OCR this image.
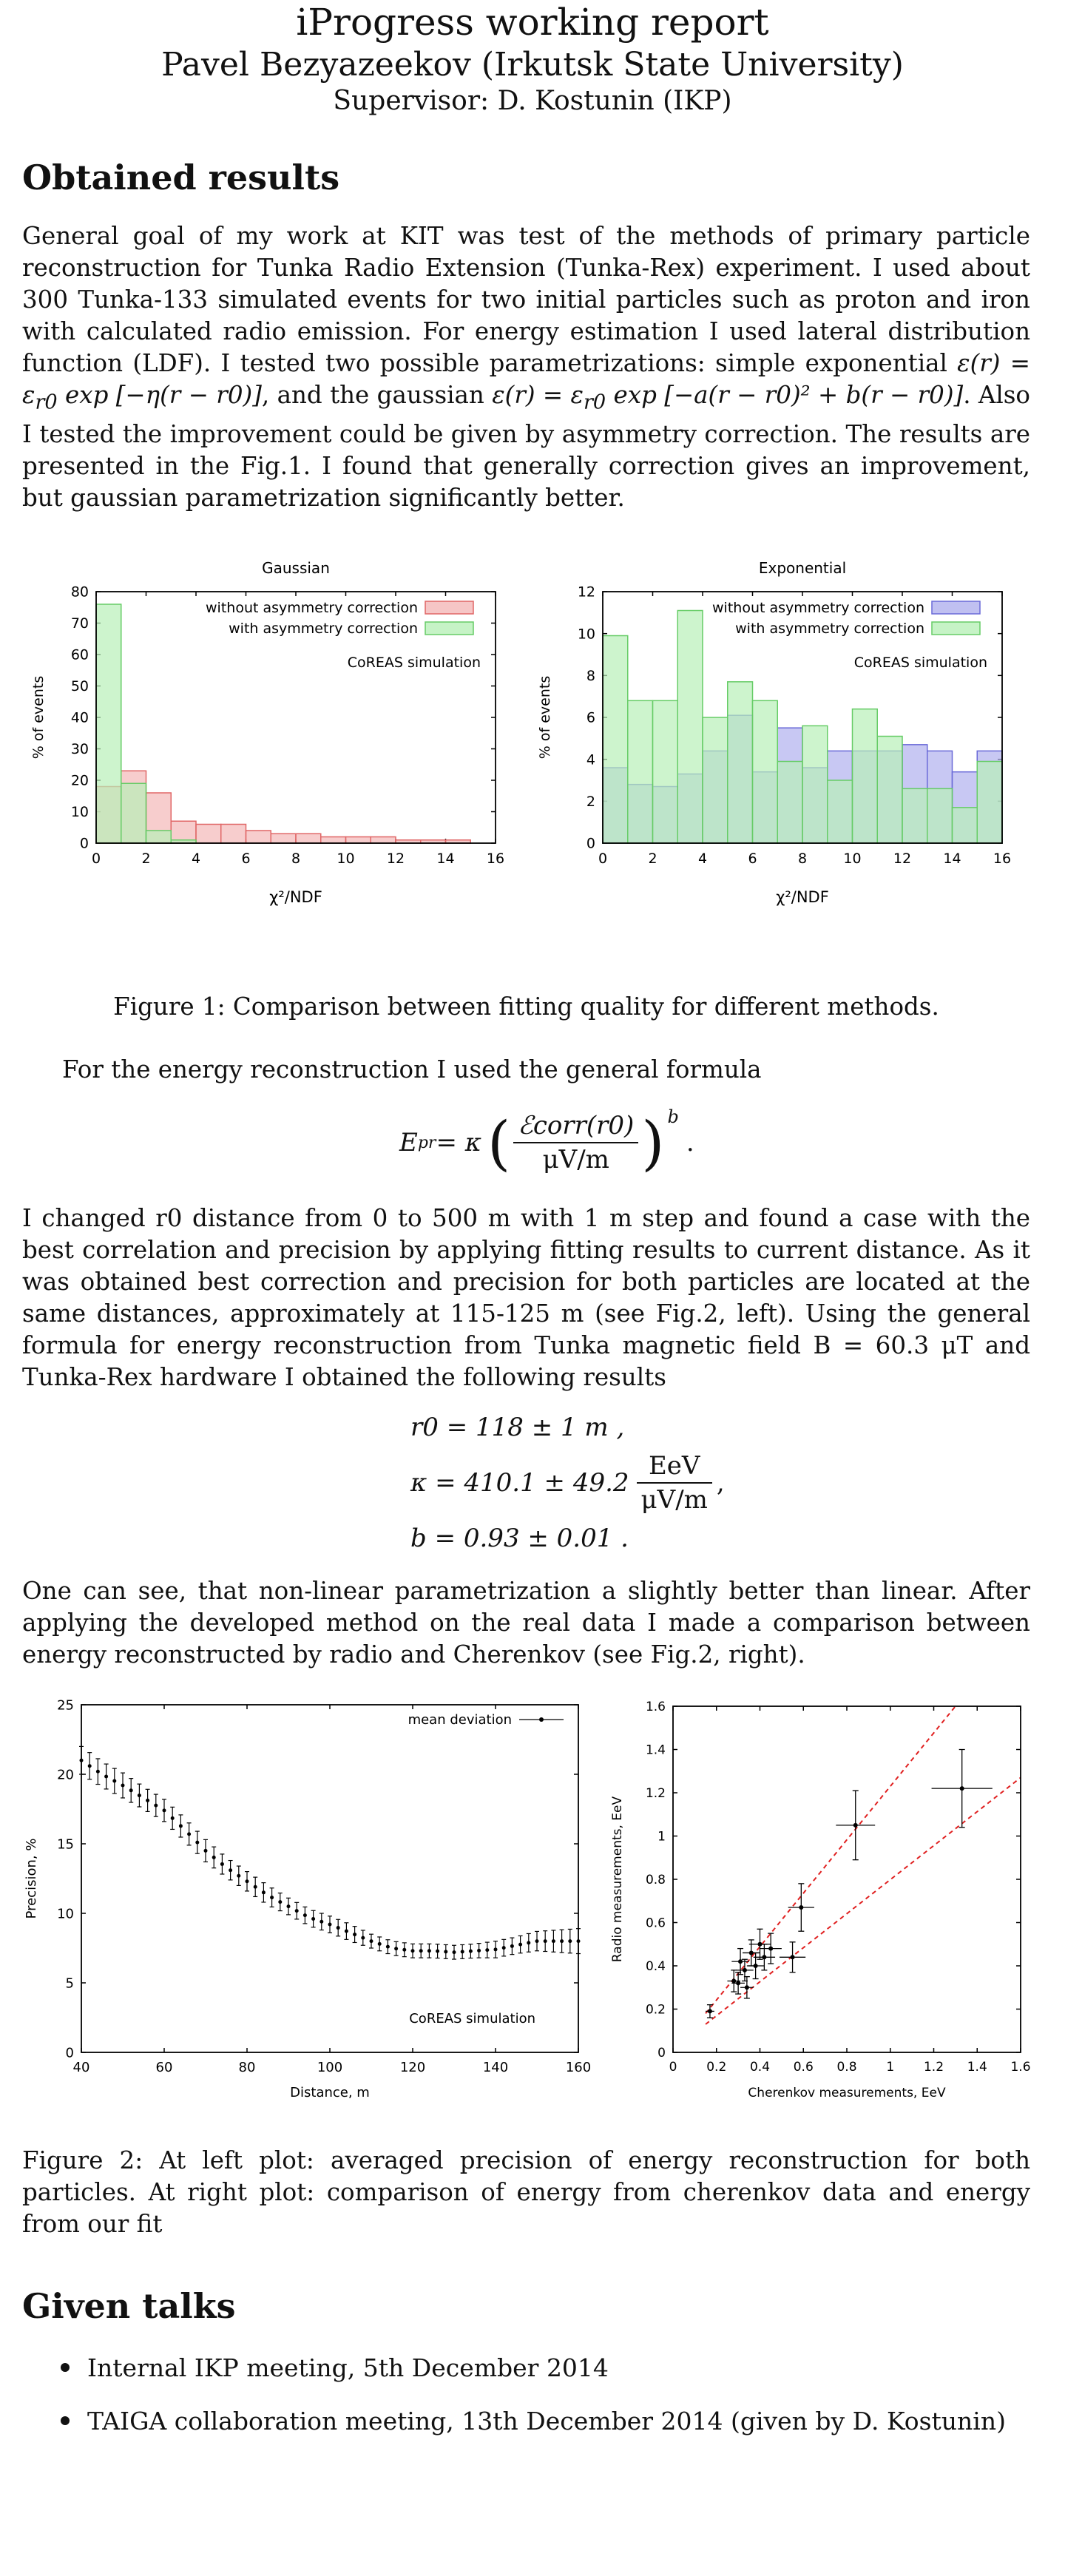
iProgress working report
Pavel Bezyazeekov (Irkutsk State University)
Supervisor: D. Kostunin (IKP)
Obtained results

General goal of my work at KIT was test of the methods of primary particle reconstruction for Tunka Radio Extension (Tunka-Rex) experiment. I used about 300 Tunka-133 simulated events for two initial particles such as proton and iron with calculated radio emission. For energy estimation I used lateral distribution function (LDF). I tested two possible parametrizations: simple exponential $\varepsilon(r) = \varepsilon_{r0}$ exp [−η(r − r0)], and the gaussian $\varepsilon(r) = \varepsilon_{r0}$ exp [−a(r − r0)² + b(r − r0)]. Also I tested the improvement could be given by asymmetry correction. The results are presented in the Fig.1. I found that generally correction gives an improvement, but gaussian parametrization significantly better.

Gaussian
0	2	4	6	8	10 12 14 16
0
10
20
30
40
50
60
70
80
without asymmetry correction
with asymmetry correction
CoREAS simulation
% of events
χ²/NDF
Exponential
0	2	4	6	8	10 12 14 16
0
2
4
6
8
10
12
without asymmetry correction
with asymmetry correction
CoREAS simulation
% of events
χ²/NDF
Figure 1: Comparison between fitting quality for different methods.

For the energy reconstruction I used the general formula

E pr = κ ( $\frac{\text{ℰcorr(r0)}}{\mu V/m} )^b$
.

I changed r0 distance from 0 to 500 m with 1 m step and found a case with the best correlation and precision by applying fitting results to current distance. As it was obtained best correction and precision for both particles are located at the same distances, approximately at 115-125 m (see Fig.2, left). Using the general formula for energy reconstruction from Tunka magnetic field B = 60.3 μT and Tunka-Rex hardware I obtained the following results

r0 = 118 ± 1 m ,
$\kappa = 410.1 \pm 49.2 \frac{\text{EeV}}{\mu V/m}$ ,
b = 0.93 ± 0.01 .

One can see, that non-linear parametrization a slightly better than linear. After applying the developed method on the real data I made a comparison between energy reconstructed by radio and Cherenkov (see Fig.2, right).

40	60	80	100	120	140	160
0
5
10
15
20
25
mean deviation
CoREAS simulation
Precision, %
Distance, m
0 0.2 0.4 0.6 0.8 1 1.2 1.4 1.6
0
0.2
0.4
0.6
0.8
1
1.2
1.4
1.6
Radio measurements, EeV
Cherenkov measurements, EeV
Figure 2: At left plot: averaged precision of energy reconstruction for both particles. At right plot: comparison of energy from cherenkov data and energy from our fit
Given talks
Internal IKP meeting, 5th December 2014
TAIGA collaboration meeting, 13th December 2014 (given by D. Kostunin)
